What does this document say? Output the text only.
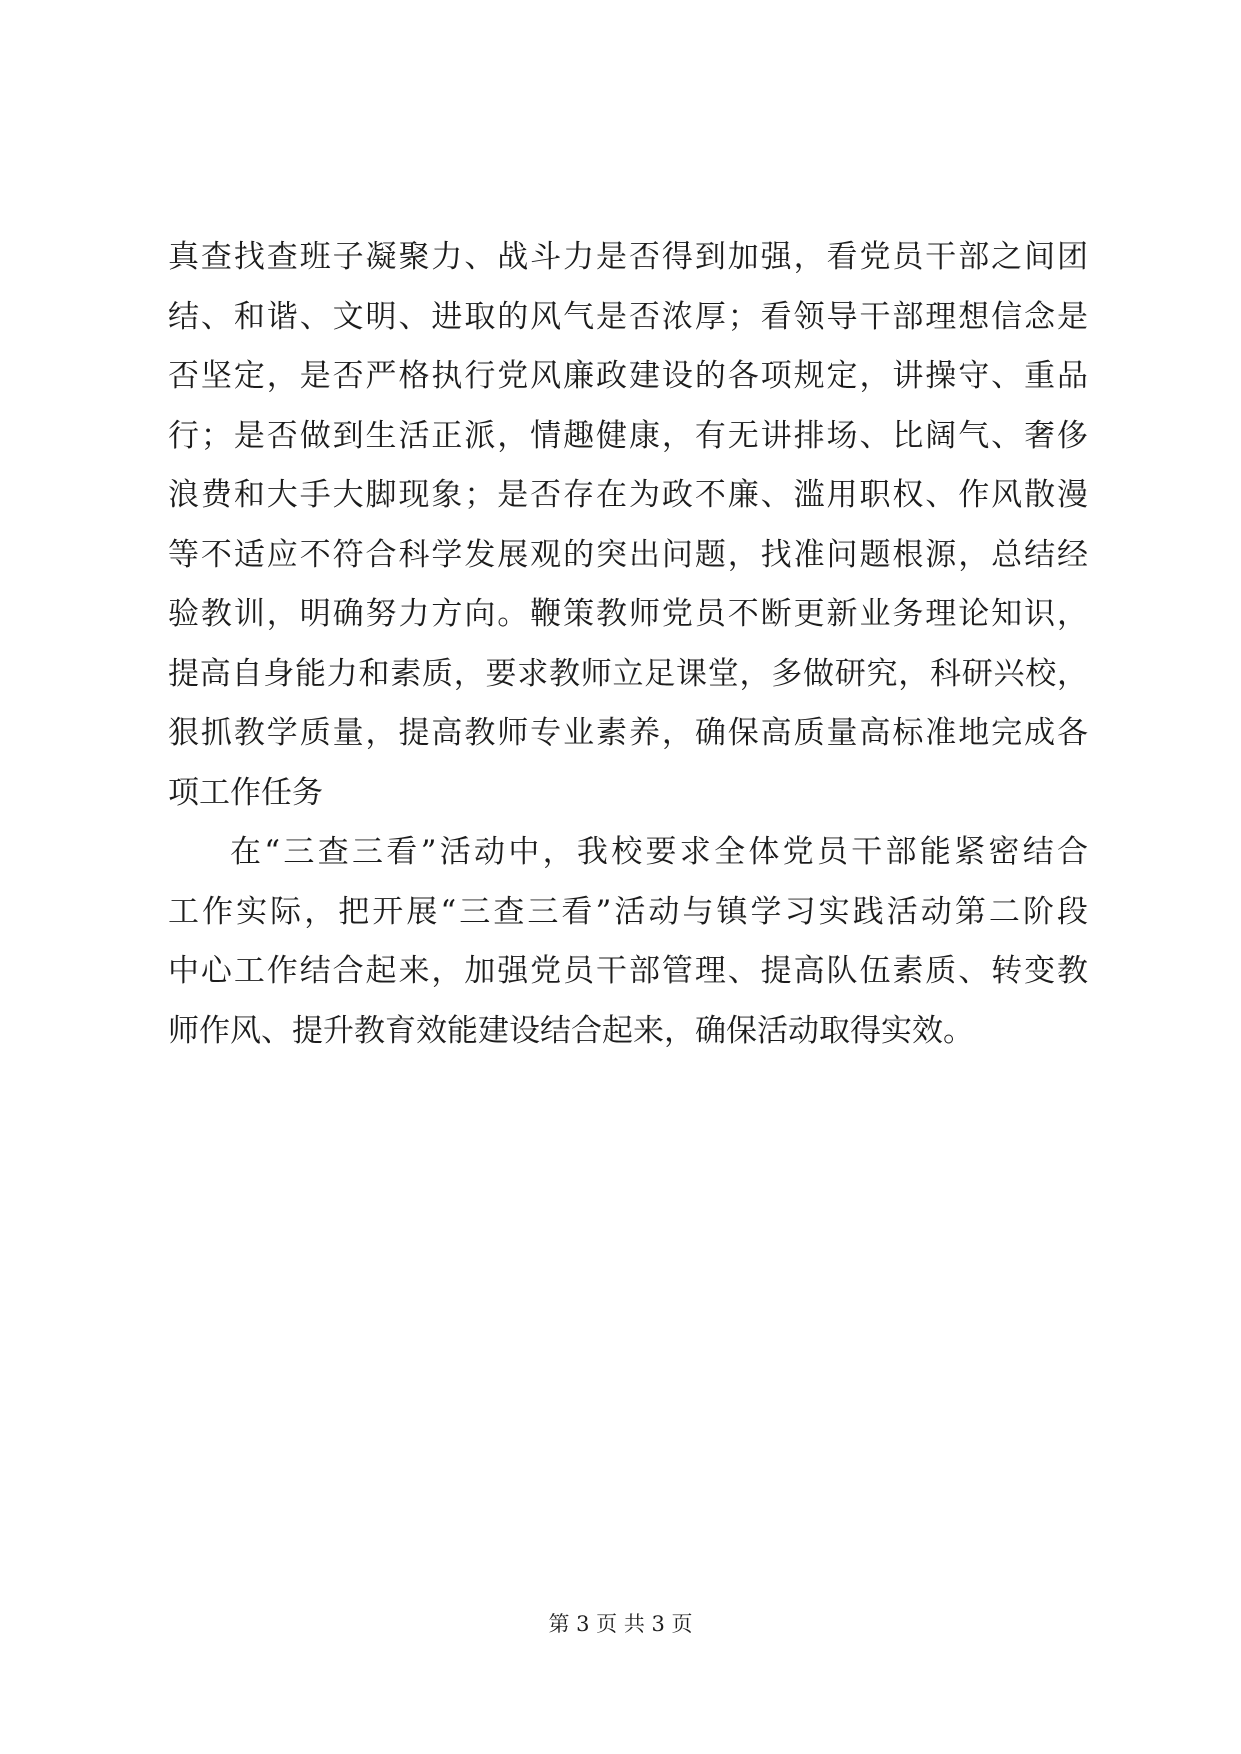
真查找查班子凝聚力、战斗力是否得到加强，看党员干部之间团
结、和谐、文明、进取的风气是否浓厚；看领导干部理想信念是
否坚定，是否严格执行党风廉政建设的各项规定，讲操守、重品
行；是否做到生活正派，情趣健康，有无讲排场、比阔气、奢侈
浪费和大手大脚现象；是否存在为政不廉、滥用职权、作风散漫
等不适应不符合科学发展观的突出问题，找准问题根源，总结经
验教训，明确努力方向。鞭策教师党员不断更新业务理论知识，
提高自身能力和素质，要求教师立足课堂，多做研究，科研兴校，
狠抓教学质量，提高教师专业素养，确保高质量高标准地完成各
项工作任务
在“三查三看”活动中，我校要求全体党员干部能紧密结合
工作实际，把开展“三查三看”活动与镇学习实践活动第二阶段
中心工作结合起来，加强党员干部管理、提高队伍素质、转变教
师作风、提升教育效能建设结合起来，确保活动取得实效。
第 3 页 共 3 页
